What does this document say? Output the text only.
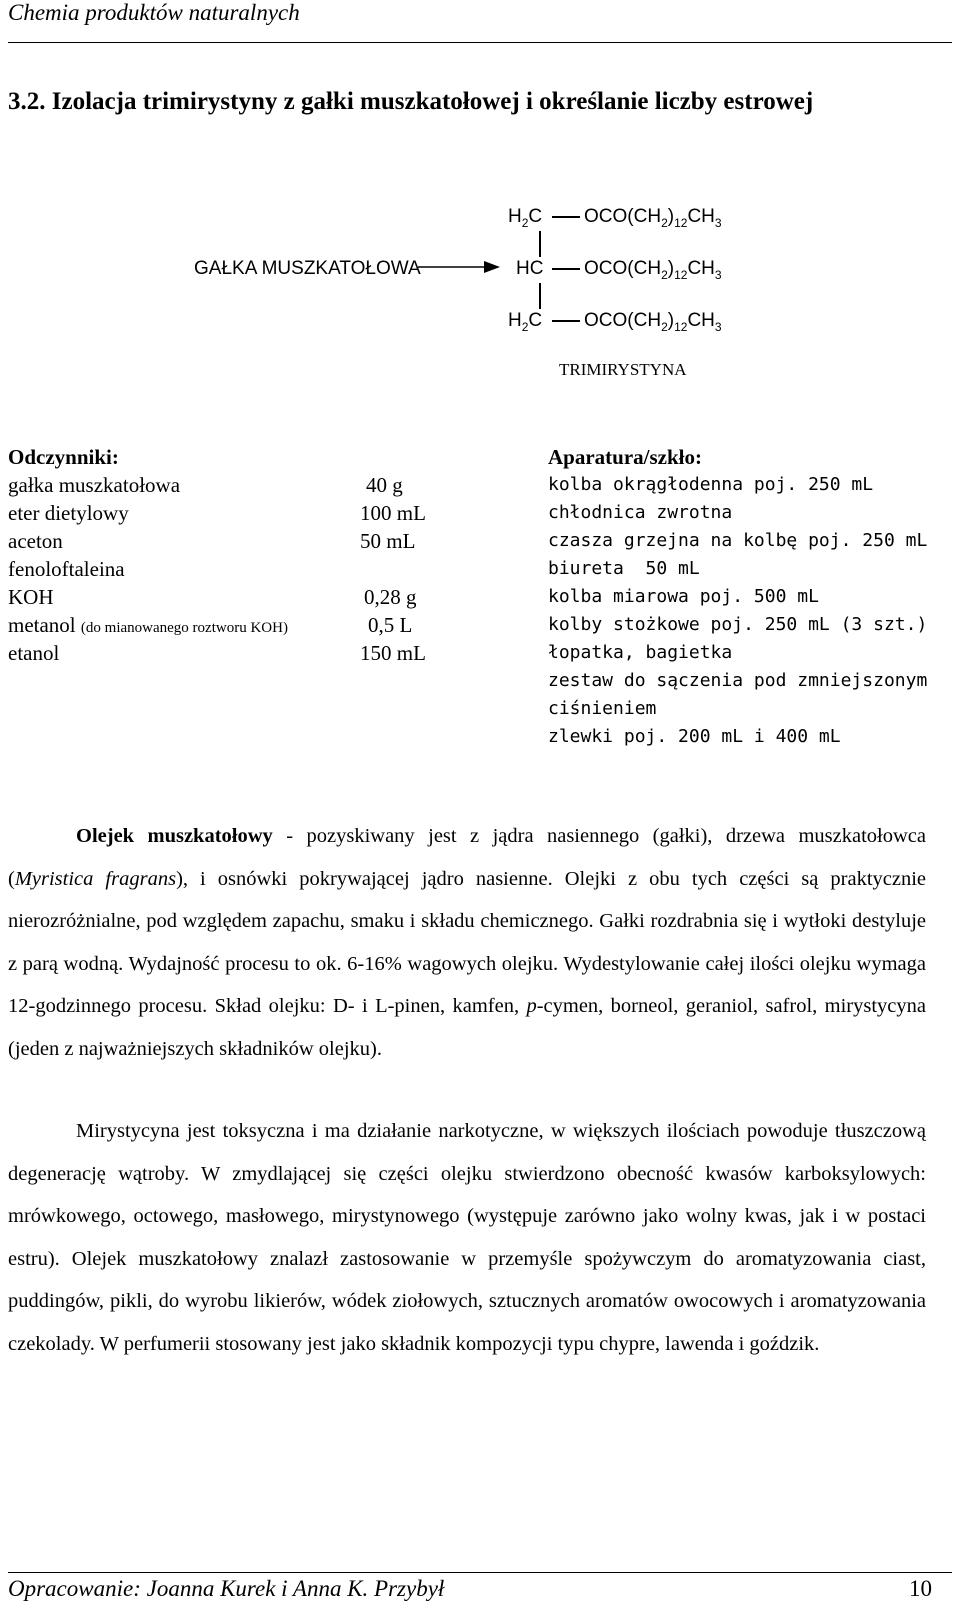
Chemia produktów naturalnych
3.2. Izolacja trimirystyny z gałki muszkatołowej i określanie liczby estrowej
GAŁKA MUSZKATOŁOWA
$H_2C$ $OCO(CH_2)_{12}CH_3$
HC $OCO(CH_2)_{12}CH_3$
$H_2C$ $OCO(CH_2)_{12}CH_3$
TRIMIRYSTYNA
Odczynniki:
gałka muszkatołowa	40 g
eter dietylowy	100 mL
aceton	50 mL
fenoloftaleina
KOH	0,28 g
metanol (do mianowanego roztworu KOH)	0,5 L
etanol	150 mL
Aparatura/szkło:
kolba okrągłodenna poj. 250 mL
chłodnica zwrotna
czasza grzejna na kolbę poj. 250 mL
biureta  50 mL
kolba miarowa poj. 500 mL
kolby stożkowe poj. 250 mL (3 szt.)
łopatka, bagietka
zestaw do sączenia pod zmniejszonym
ciśnieniem
zlewki poj. 200 mL i 400 mL

Olejek muszkatołowy - pozyskiwany jest z jądra nasiennego (gałki), drzewa muszkatołowca (Myristica fragrans), i osnówki pokrywającej jądro nasienne. Olejki z obu tych części są praktycznie nierozróżnialne, pod względem zapachu, smaku i składu chemicznego. Gałki rozdrabnia się i wytłoki destyluje z parą wodną. Wydajność procesu to ok. 6-16% wagowych olejku. Wydestylowanie całej ilości olejku wymaga 12-godzinnego procesu. Skład olejku: D- i L-pinen, kamfen, p-cymen, borneol, geraniol, safrol, mirystycyna (jeden z najważniejszych składników olejku).

Mirystycyna jest toksyczna i ma działanie narkotyczne, w większych ilościach powoduje tłuszczową degenerację wątroby. W zmydlającej się części olejku stwierdzono obecność kwasów karboksylowych: mrówkowego, octowego, masłowego, mirystynowego (występuje zarówno jako wolny kwas, jak i w postaci estru). Olejek muszkatołowy znalazł zastosowanie w przemyśle spożywczym do aromatyzowania ciast, puddingów, pikli, do wyrobu likierów, wódek ziołowych, sztucznych aromatów owocowych i aromatyzowania czekolady. W perfumerii stosowany jest jako składnik kompozycji typu chypre, lawenda i goździk.

Opracowanie: Joanna Kurek i Anna K. Przybył	10
